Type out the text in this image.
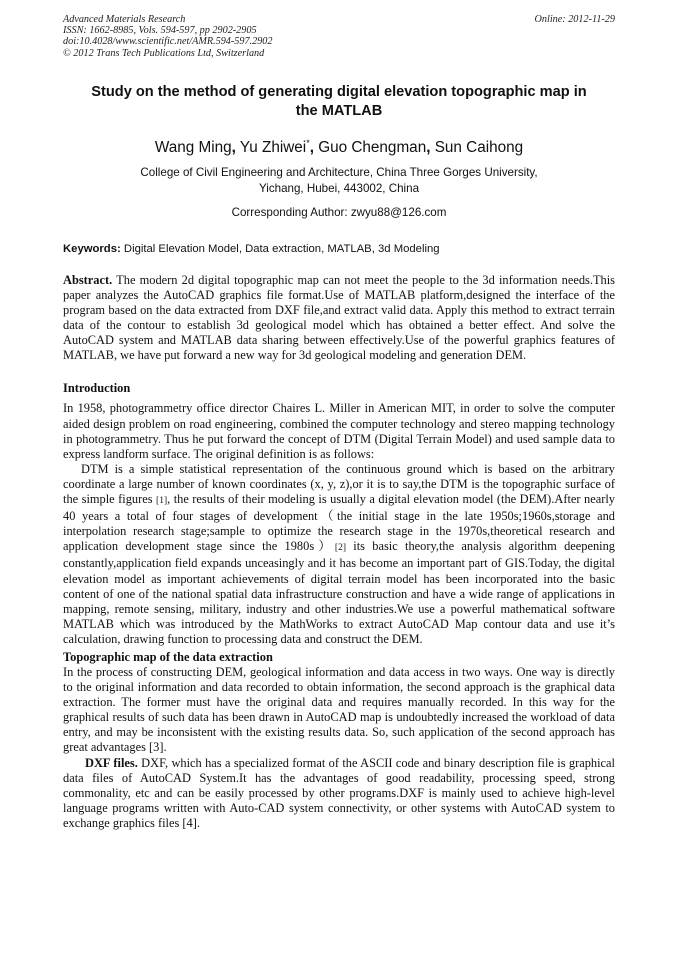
Advanced Materials Research	Online: 2012-11-29
ISSN: 1662-8985, Vols. 594-597, pp 2902-2905
doi:10.4028/www.scientific.net/AMR.594-597.2902
© 2012 Trans Tech Publications Ltd, Switzerland
Study on the method of generating digital elevation topographic map in the MATLAB
Wang Ming, Yu Zhiwei*, Guo Chengman, Sun Caihong
College of Civil Engineering and Architecture, China Three Gorges University,
Yichang, Hubei, 443002, China
Corresponding Author: zwyu88@126.com
Keywords: Digital Elevation Model, Data extraction, MATLAB, 3d Modeling

Abstract. The modern 2d digital topographic map can not meet the people to the 3d information needs.This paper analyzes the AutoCAD graphics file format.Use of MATLAB platform,designed the interface of the program based on the data extracted from DXF file,and extract valid data. Apply this method to extract terrain data of the contour to establish 3d geological model which has obtained a better effect. And solve the AutoCAD system and MATLAB data sharing between effectively.Use of the powerful graphics features of MATLAB, we have put forward a new way for 3d geological modeling and generation DEM.

Introduction

In 1958, photogrammetry office director Chaires L. Miller in American MIT, in order to solve the computer aided design problem on road engineering, combined the computer technology and stereo mapping technology in photogrammetry. Thus he put forward the concept of DTM (Digital Terrain Model) and used sample data to express landform surface. The original definition is as follows:

DTM is a simple statistical representation of the continuous ground which is based on the arbitrary coordinate a large number of known coordinates (x, y, z),or it is to say,the DTM is the topographic surface of the simple figures [1], the results of their modeling is usually a digital elevation model (the DEM).After nearly 40 years a total of four stages of development（the initial stage in the late 1950s;1960s,storage and interpolation research stage;sample to optimize the research stage in the 1970s,theoretical research and application development stage since the 1980s）[2] its basic theory,the analysis algorithm deepening constantly,application field expands unceasingly and it has become an important part of GIS.Today, the digital elevation model as important achievements of digital terrain model has been incorporated into the basic content of one of the national spatial data infrastructure construction and have a wide range of applications in mapping, remote sensing, military, industry and other industries.We use a powerful mathematical software MATLAB which was introduced by the MathWorks to extract AutoCAD Map contour data and use it’s calculation, drawing function to processing data and construct the DEM.

Topographic map of the data extraction

In the process of constructing DEM, geological information and data access in two ways. One way is directly to the original information and data recorded to obtain information, the second approach is the graphical data extraction. The former must have the original data and requires manually recorded. In this way for the graphical results of such data has been drawn in AutoCAD map is undoubtedly increased the workload of data entry, and may be inconsistent with the existing results data. So, such application of the second approach has great advantages [3].

DXF files. DXF, which has a specialized format of the ASCII code and binary description file is graphical data files of AutoCAD System.It has the advantages of good readability, processing speed, strong commonality, etc and can be easily processed by other programs.DXF is mainly used to achieve high-level language programs written with Auto-CAD system connectivity, or other systems with AutoCAD system to exchange graphics files [4].
